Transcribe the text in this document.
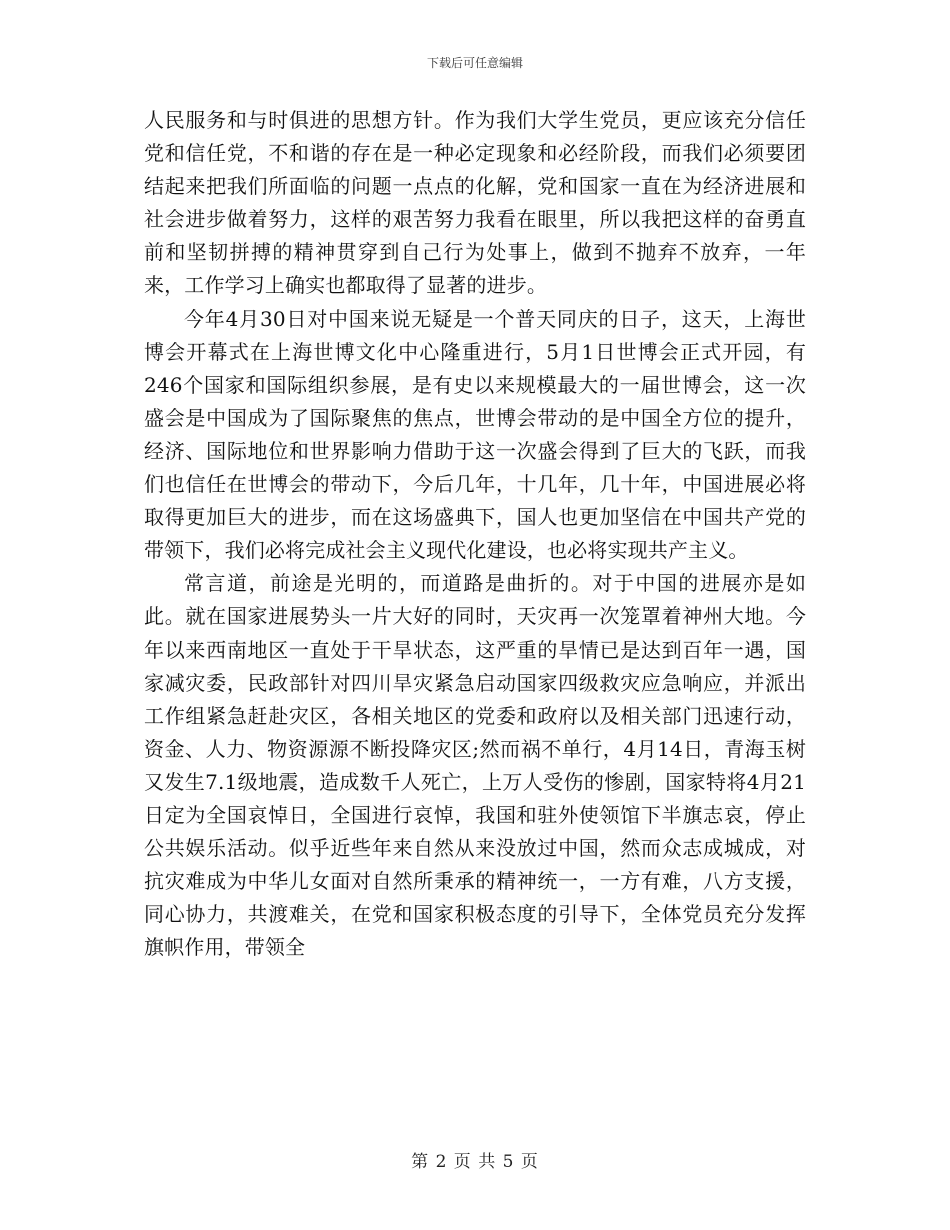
下载后可任意编辑

人民服务和与时俱进的思想方针。作为我们大学生党员，更应该充分信任党和信任党，不和谐的存在是一种必定现象和必经阶段，而我们必须要团结起来把我们所面临的问题一点点的化解，党和国家一直在为经济进展和社会进步做着努力，这样的艰苦努力我看在眼里，所以我把这样的奋勇直前和坚韧拼搏的精神贯穿到自己行为处事上，做到不抛弃不放弃，一年来，工作学习上确实也都取得了显著的进步。

今年4月30日对中国来说无疑是一个普天同庆的日子，这天，上海世博会开幕式在上海世博文化中心隆重进行，5月1日世博会正式开园，有246个国家和国际组织参展，是有史以来规模最大的一届世博会，这一次盛会是中国成为了国际聚焦的焦点，世博会带动的是中国全方位的提升，经济、国际地位和世界影响力借助于这一次盛会得到了巨大的飞跃，而我们也信任在世博会的带动下，今后几年，十几年，几十年，中国进展必将取得更加巨大的进步，而在这场盛典下，国人也更加坚信在中国共产党的带领下，我们必将完成社会主义现代化建设，也必将实现共产主义。

常言道，前途是光明的，而道路是曲折的。对于中国的进展亦是如此。就在国家进展势头一片大好的同时，天灾再一次笼罩着神州大地。今年以来西南地区一直处于干旱状态，这严重的旱情已是达到百年一遇，国家减灾委，民政部针对四川旱灾紧急启动国家四级救灾应急响应，并派出工作组紧急赶赴灾区，各相关地区的党委和政府以及相关部门迅速行动，资金、人力、物资源源不断投降灾区;然而祸不单行，4月14日，青海玉树又发生7.1级地震，造成数千人死亡，上万人受伤的惨剧，国家特将4月21日定为全国哀悼日，全国进行哀悼，我国和驻外使领馆下半旗志哀，停止公共娱乐活动。似乎近些年来自然从来没放过中国，然而众志成城成，对抗灾难成为中华儿女面对自然所秉承的精神统一，一方有难，八方支援，同心协力，共渡难关，在党和国家积极态度的引导下，全体党员充分发挥旗帜作用，带领全

第 2 页 共 5 页
